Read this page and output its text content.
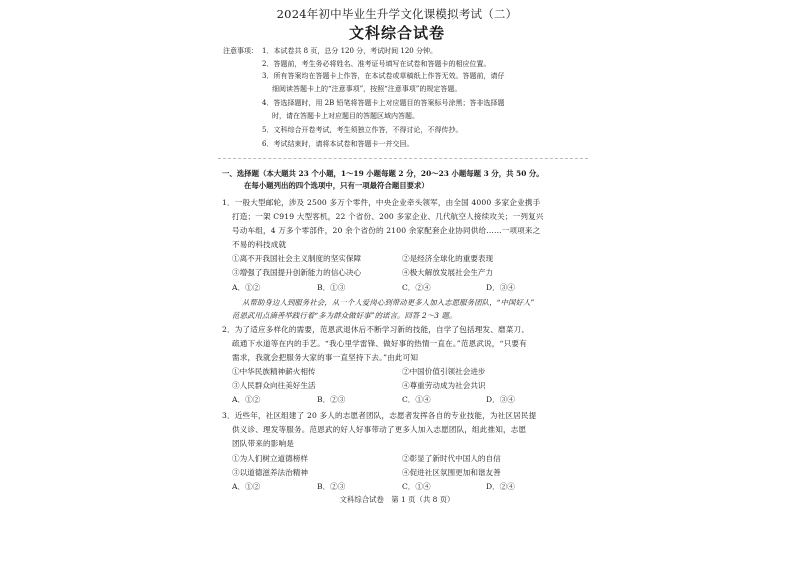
2024年初中毕业生升学文化课模拟考试（二）
文科综合试卷
注意事项： 1．本试卷共 8 页，总分 120 分，考试时间 120 分钟。
2．答题前，考生务必将姓名、准考证号填写在试卷和答题卡的相应位置。
3．所有答案均在答题卡上作答，在本试卷或草稿纸上作答无效。答题前，请仔
细阅读答题卡上的“注意事项”，按照“注意事项”的规定答题。
4．答选择题时，用 2B 铅笔将答题卡上对应题目的答案标号涂黑；答非选择题
时，请在答题卡上对应题目的答题区域内答题。
5．文科综合开卷考试，考生须独立作答，不得讨论，不得传抄。
6．考试结束时，请将本试卷和答题卡一并交回。
一、选择题（本大题共 23 个小题，1～19 小题每题 2 分，20～23 小题每题 3 分，共 50 分。
在每小题列出的四个选项中，只有一项最符合题目要求）
1．一般大型邮轮，涉及 2500 多万个零件，中央企业牵头领军，由全国 4000 多家企业携手
打造；一架 C919 大型客机，22 个省份、200 多家企业、几代航空人接续攻关；一列复兴
号动车组，4 万多个零部件，20 余个省份的 2100 余家配套企业协同供给……一项项来之
不易的科技成就
①离不开我国社会主义制度的坚实保障	②是经济全球化的重要表现
③增强了我国提升创新能力的信心决心	④极大解放发展社会生产力
A．①②	B．①③	C．②④	D．③④
从帮助身边人到服务社会，从一个人爱岗心到带动更多人加入志愿服务团队，“中国好人”
范恩武用点滴善举践行着“多为群众做好事”的诺言。回答 2～3 题。
2．为了适应多样化的需要，范恩武退休后不断学习新的技能，自学了包括理发、磨菜刀、
疏通下水道等在内的手艺。“我心里学雷锋、做好事的热情一直在。”范恩武说，“只要有
需求，我就会把服务大家的事一直坚持下去。”由此可知
①中华民族精神薪火相传	②中国价值引领社会进步
③人民群众向往美好生活	④尊重劳动成为社会共识
A．①②	B．②③	C．①④	D．③④
3．近些年，社区组建了 20 多人的志愿者团队，志愿者发挥各自的专业技能，为社区居民提
供义诊、理发等服务。范恩武的好人好事带动了更多人加入志愿团队，组此推知，志愿
团队带来的影响是
①为人们树立道德榜样	②彰显了新时代中国人的自信
③以道德滋养法治精神	④促进社区氛围更加和谐友善
A．①②	B．②③	C．①④	D．②④
文科综合试卷　第 1 页（共 8 页）
